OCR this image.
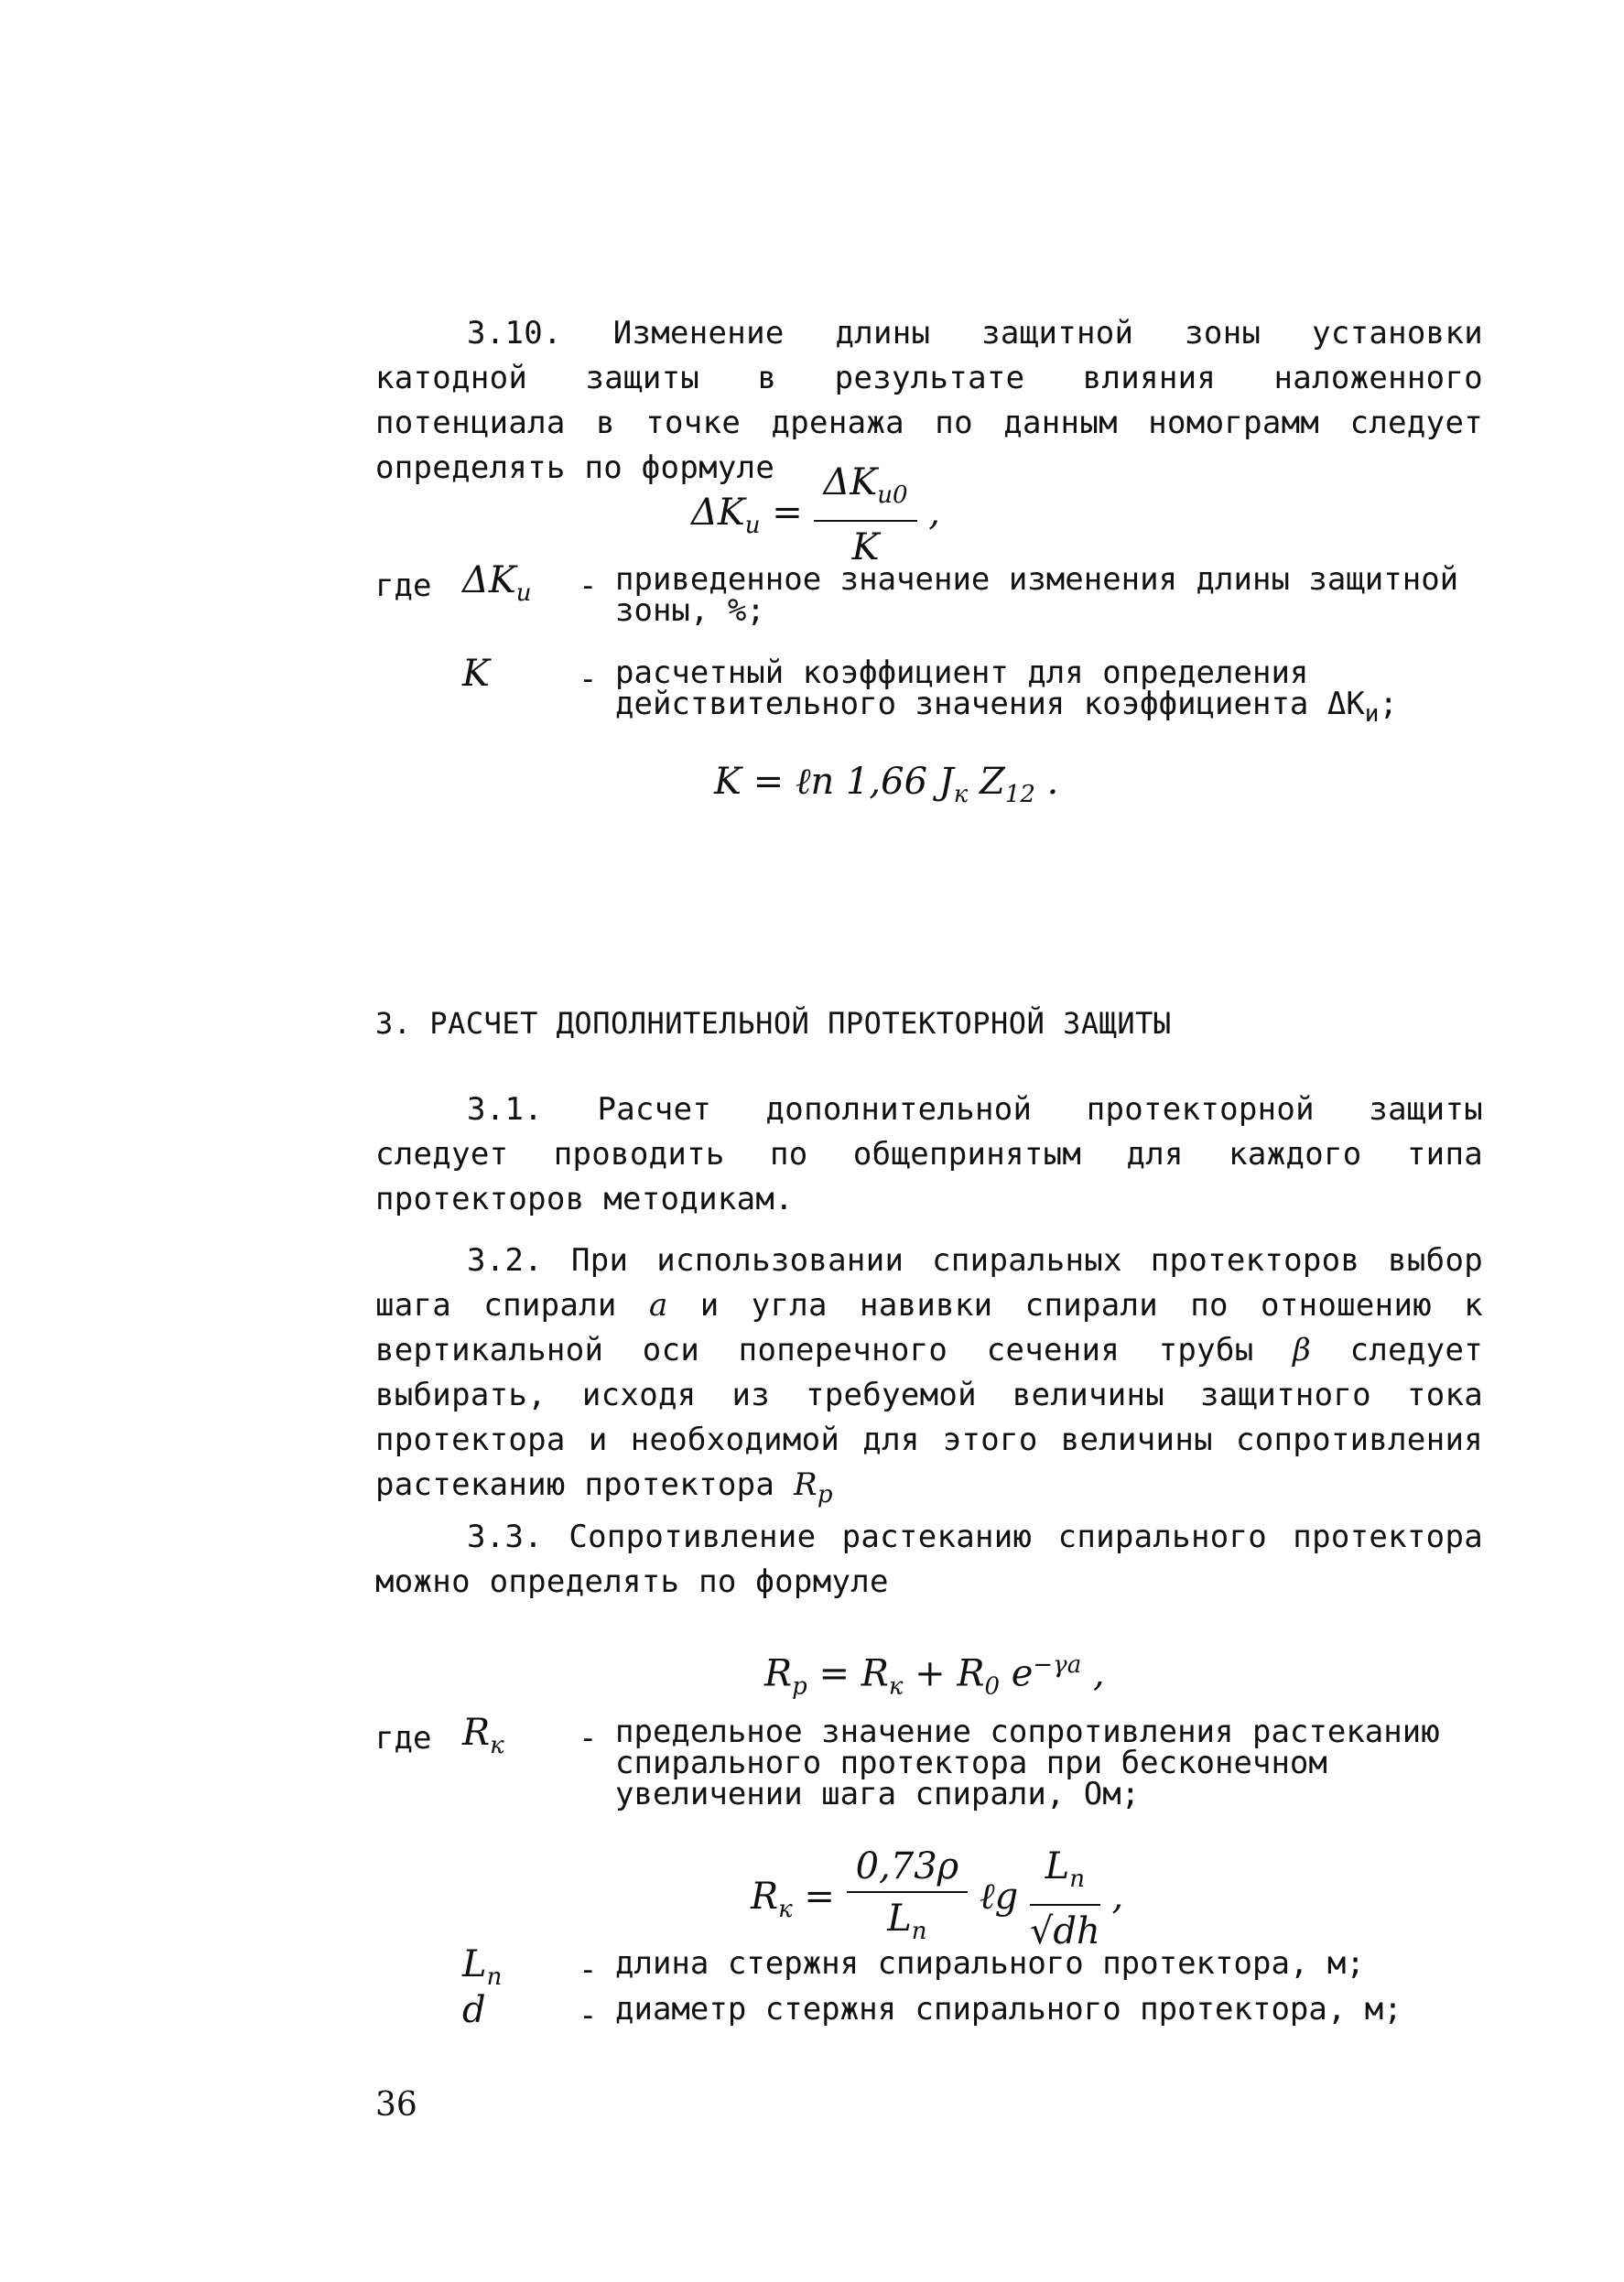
3.10. Изменение длины защитной зоны установки катодной защиты в результате влияния наложенного потенциала в точке дренажа по данным номограмм следует определять по формуле

$\Delta K_и = \frac{\Delta K_{и0}}{K}$ ,
где $\Delta K_и$ - приведенное значение изменения длины защитной зоны, %;
K	- расчетный коэффициент для определения действительного значения коэффициента $\Delta K_и$;
K = ℓn 1,66 $J_к$ $Z_{12}$ .
3. РАСЧЕТ ДОПОЛНИТЕЛЬНОЙ ПРОТЕКТОРНОЙ ЗАЩИТЫ

3.1. Расчет дополнительной протекторной защиты следует проводить по общепринятым для каждого типа протекторов методикам.

3.2. При использовании спиральных протекторов выбор шага спирали a и угла навивки спирали по отношению к вертикальной оси поперечного сечения трубы β следует выбирать, исходя из требуемой величины защитного тока протектора и необходимой для этого величины сопротивления растеканию протектора $R_р$

3.3. Сопротивление растеканию спирального протектора можно определять по формуле

$R_р = R_к + R_0$ $e^{-\gamma a}$ ,
где $R_к$ - предельное значение сопротивления растеканию спирального протектора при бесконечном увеличении шага спирали, Ом;
$R_к = \frac{0,73\rho}{L_п}$ ℓg $\frac{L_п}{√dh}$ ,
$L_п$ - длина стержня спирального протектора, м;
d	- диаметр стержня спирального протектора, м;
36
